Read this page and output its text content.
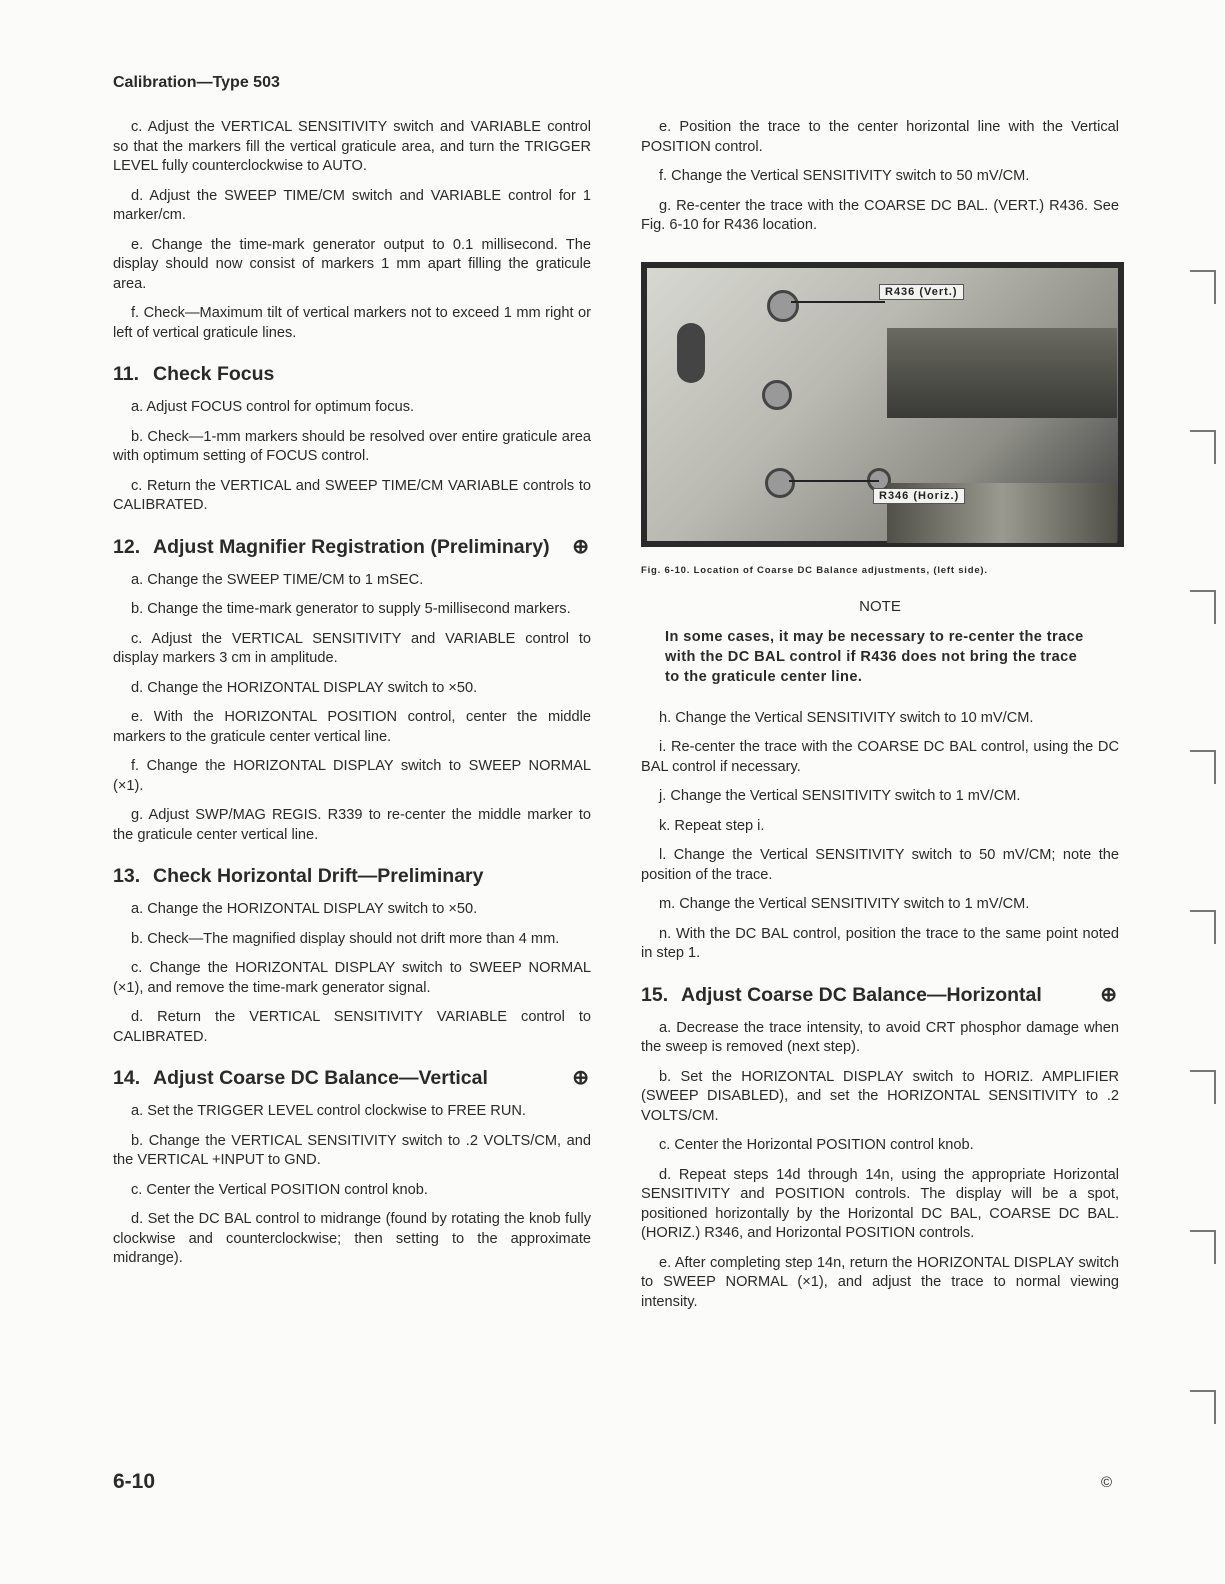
Calibration—Type 503

c. Adjust the VERTICAL SENSITIVITY switch and VARIABLE control so that the markers fill the vertical graticule area, and turn the TRIGGER LEVEL fully counterclockwise to AUTO.

d. Adjust the SWEEP TIME/CM switch and VARIABLE control for 1 marker/cm.

e. Change the time-mark generator output to 0.1 millisecond. The display should now consist of markers 1 mm apart filling the graticule area.

f. Check—Maximum tilt of vertical markers not to exceed 1 mm right or left of vertical graticule lines.

11. Check Focus

a. Adjust FOCUS control for optimum focus.

b. Check—1-mm markers should be resolved over entire graticule area with optimum setting of FOCUS control.

c. Return the VERTICAL and SWEEP TIME/CM VARIABLE controls to CALIBRATED.

12. Adjust Magnifier Registration (Preliminary) ⊕

a. Change the SWEEP TIME/CM to 1 mSEC.

b. Change the time-mark generator to supply 5-millisecond markers.

c. Adjust the VERTICAL SENSITIVITY and VARIABLE control to display markers 3 cm in amplitude.

d. Change the HORIZONTAL DISPLAY switch to ×50.

e. With the HORIZONTAL POSITION control, center the middle markers to the graticule center vertical line.

f. Change the HORIZONTAL DISPLAY switch to SWEEP NORMAL (×1).

g. Adjust SWP/MAG REGIS. R339 to re-center the middle marker to the graticule center vertical line.

13. Check Horizontal Drift—Preliminary

a. Change the HORIZONTAL DISPLAY switch to ×50.

b. Check—The magnified display should not drift more than 4 mm.

c. Change the HORIZONTAL DISPLAY switch to SWEEP NORMAL (×1), and remove the time-mark generator signal.

d. Return the VERTICAL SENSITIVITY VARIABLE control to CALIBRATED.

14. Adjust Coarse DC Balance—Vertical	⊕

a. Set the TRIGGER LEVEL control clockwise to FREE RUN.

b. Change the VERTICAL SENSITIVITY switch to .2 VOLTS/CM, and the VERTICAL +INPUT to GND.

c. Center the Vertical POSITION control knob.

d. Set the DC BAL control to midrange (found by rotating the knob fully clockwise and counterclockwise; then setting to the approximate midrange).

e. Position the trace to the center horizontal line with the Vertical POSITION control.

f. Change the Vertical SENSITIVITY switch to 50 mV/CM.

g. Re-center the trace with the COARSE DC BAL. (VERT.) R436. See Fig. 6-10 for R436 location.

R436 (Vert.)
R346 (Horiz.)
Fig. 6-10. Location of Coarse DC Balance adjustments, (left side).
NOTE
In some cases, it may be necessary to re-center the trace with the DC BAL control if R436 does not bring the trace to the graticule center line.

h. Change the Vertical SENSITIVITY switch to 10 mV/CM.

i. Re-center the trace with the COARSE DC BAL control, using the DC BAL control if necessary.

j. Change the Vertical SENSITIVITY switch to 1 mV/CM.

k. Repeat step i.

l. Change the Vertical SENSITIVITY switch to 50 mV/CM; note the position of the trace.

m. Change the Vertical SENSITIVITY switch to 1 mV/CM.

n. With the DC BAL control, position the trace to the same point noted in step 1.

15. Adjust Coarse DC Balance—Horizontal	⊕

a. Decrease the trace intensity, to avoid CRT phosphor damage when the sweep is removed (next step).

b. Set the HORIZONTAL DISPLAY switch to HORIZ. AMPLIFIER (SWEEP DISABLED), and set the HORIZONTAL SENSITIVITY to .2 VOLTS/CM.

c. Center the Horizontal POSITION control knob.

d. Repeat steps 14d through 14n, using the appropriate Horizontal SENSITIVITY and POSITION controls. The display will be a spot, positioned horizontally by the Horizontal DC BAL, COARSE DC BAL. (HORIZ.) R346, and Horizontal POSITION controls.

e. After completing step 14n, return the HORIZONTAL DISPLAY switch to SWEEP NORMAL (×1), and adjust the trace to normal viewing intensity.

6-10	©
